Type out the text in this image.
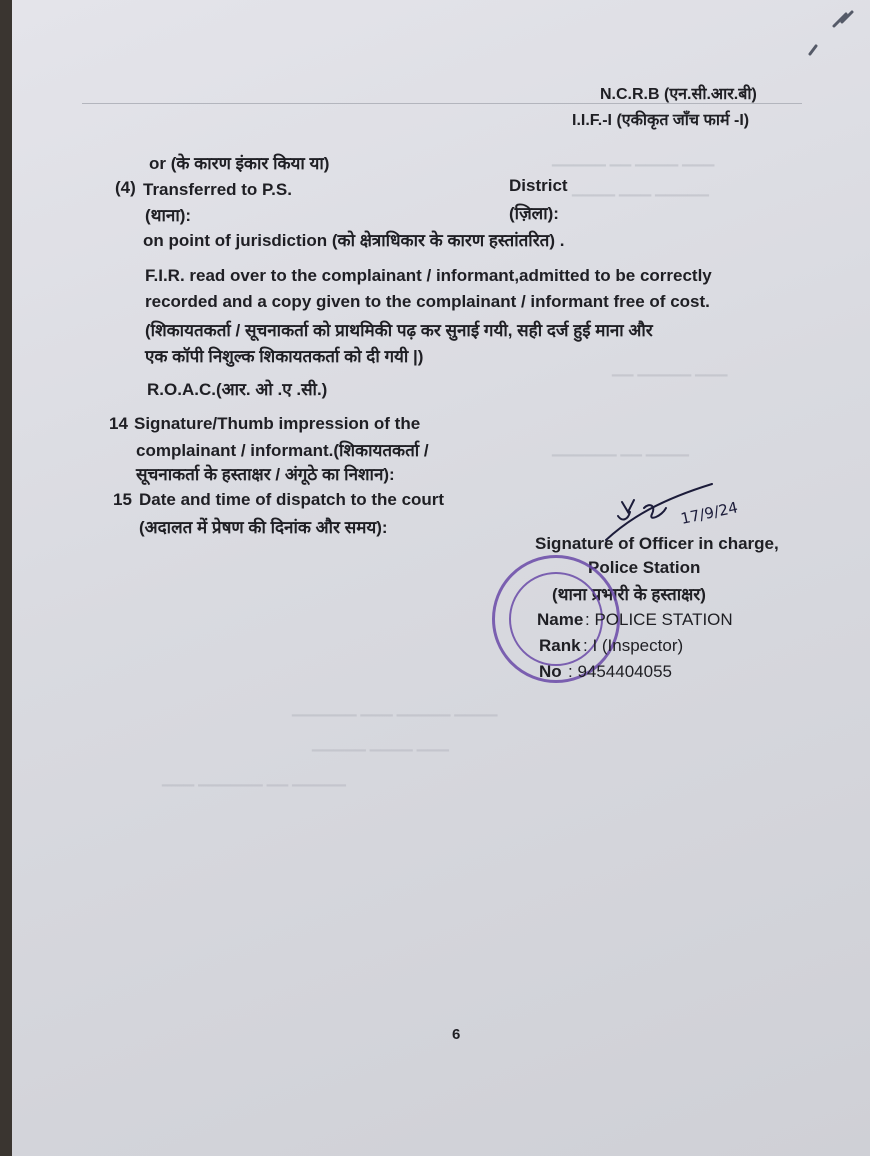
▁▁▁ ▁▁▁▁ ▁▁ ▁▁▁▁▁
▁▁▁▁▁ ▁▁▁ ▁▁▁▁
▁▁▁ ▁▁▁▁▁ ▁▁
▁▁▁▁ ▁▁ ▁▁▁▁▁▁
▁▁▁▁ ▁▁▁▁▁ ▁▁▁ ▁▁▁▁▁▁
▁▁▁ ▁▁▁▁ ▁▁▁▁▁
▁▁▁▁▁ ▁▁ ▁▁▁▁▁▁ ▁▁▁
N.C.R.B (एन.सी.आर.बी)
I.I.F.-I (एकीकृत जाँच फार्म -I)
or (के कारण इंकार किया या)
(4) Transferred to P.S.	District
(थाना):	(ज़िला):
on point of jurisdiction (को क्षेत्राधिकार के कारण हस्तांतरित) .
F.I.R. read over to the complainant / informant,admitted to be correctly
recorded and a copy given to the complainant / informant free of cost.
(शिकायतकर्ता / सूचनाकर्ता को प्राथमिकी पढ़ कर सुनाई गयी, सही दर्ज हुई माना और
एक कॉपी निशुल्क शिकायतकर्ता को दी गयी |)
R.O.A.C.(आर. ओ .ए .सी.)
14 Signature/Thumb impression of the
complainant / informant.(शिकायतकर्ता /
सूचनाकर्ता के हस्ताक्षर / अंगूठे का निशान):
15 Date and time of dispatch to the court
(अदालत में प्रेषण की दिनांक और समय):	17/9/24
Signature of Officer in charge,
Police Station
(थाना प्रभारी के हस्ताक्षर)
Name : POLICE STATION
Rank : I (Inspector)
No : 9454404055
6
